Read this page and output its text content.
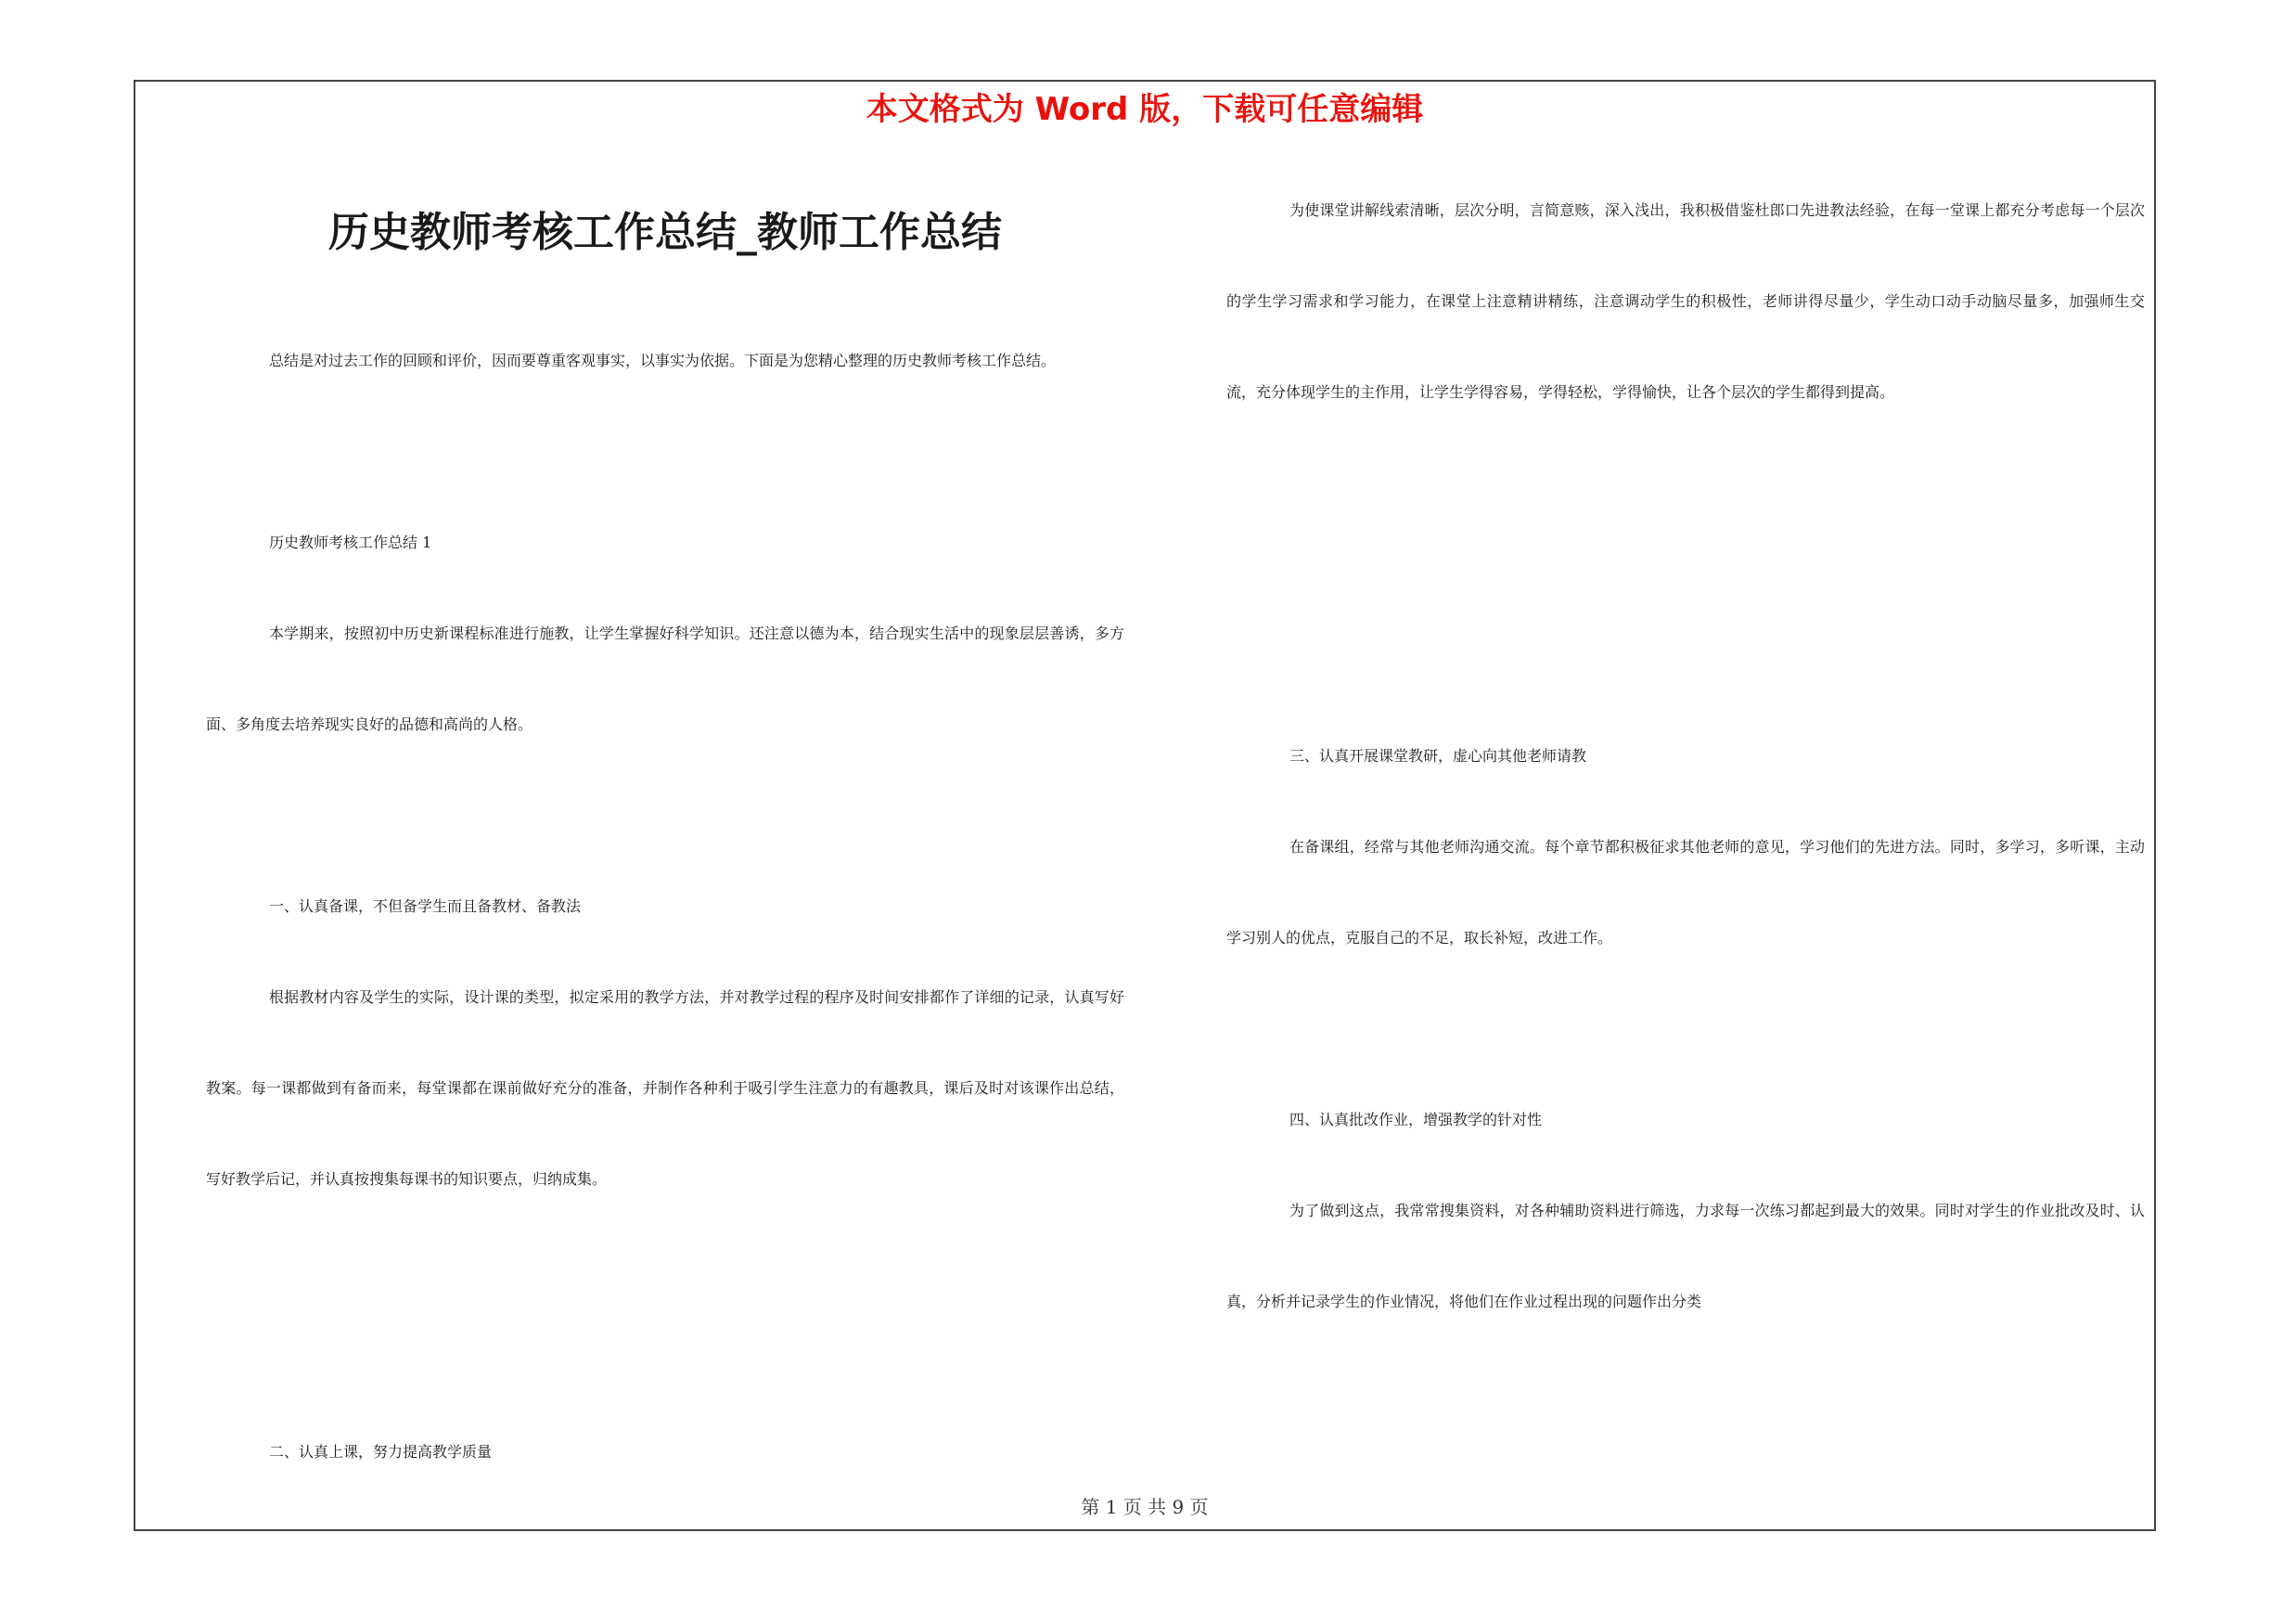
本文格式为 Word 版，下载可任意编辑
历史教师考核工作总结_教师工作总结

总结是对过去工作的回顾和评价，因而要尊重客观事实，以事实为依据。下面是为您精心整理的历史教师考核工作总结。

历史教师考核工作总结 1

本学期来，按照初中历史新课程标准进行施教，让学生掌握好科学知识。还注意以德为本，结合现实生活中的现象层层善诱，多方面、多角度去培养现实良好的品德和高尚的人格。

一、认真备课，不但备学生而且备教材、备教法

根据教材内容及学生的实际，设计课的类型，拟定采用的教学方法，并对教学过程的程序及时间安排都作了详细的记录，认真写好教案。每一课都做到有备而来，每堂课都在课前做好充分的准备，并制作各种利于吸引学生注意力的有趣教具，课后及时对该课作出总结，写好教学后记，并认真按搜集每课书的知识要点，归纳成集。

二、认真上课，努力提高教学质量

为使课堂讲解线索清晰，层次分明，言简意赅，深入浅出，我积极借鉴杜郎口先进教法经验，在每一堂课上都充分考虑每一个层次的学生学习需求和学习能力，在课堂上注意精讲精练，注意调动学生的积极性，老师讲得尽量少，学生动口动手动脑尽量多，加强师生交流，充分体现学生的主作用，让学生学得容易，学得轻松，学得愉快，让各个层次的学生都得到提高。

三、认真开展课堂教研，虚心向其他老师请教

在备课组，经常与其他老师沟通交流。每个章节都积极征求其他老师的意见，学习他们的先进方法。同时，多学习，多听课，主动学习别人的优点，克服自己的不足，取长补短，改进工作。

四、认真批改作业，增强教学的针对性

为了做到这点，我常常搜集资料，对各种辅助资料进行筛选，力求每一次练习都起到最大的效果。同时对学生的作业批改及时、认真，分析并记录学生的作业情况，将他们在作业过程出现的问题作出分类

第 1 页 共 9 页
